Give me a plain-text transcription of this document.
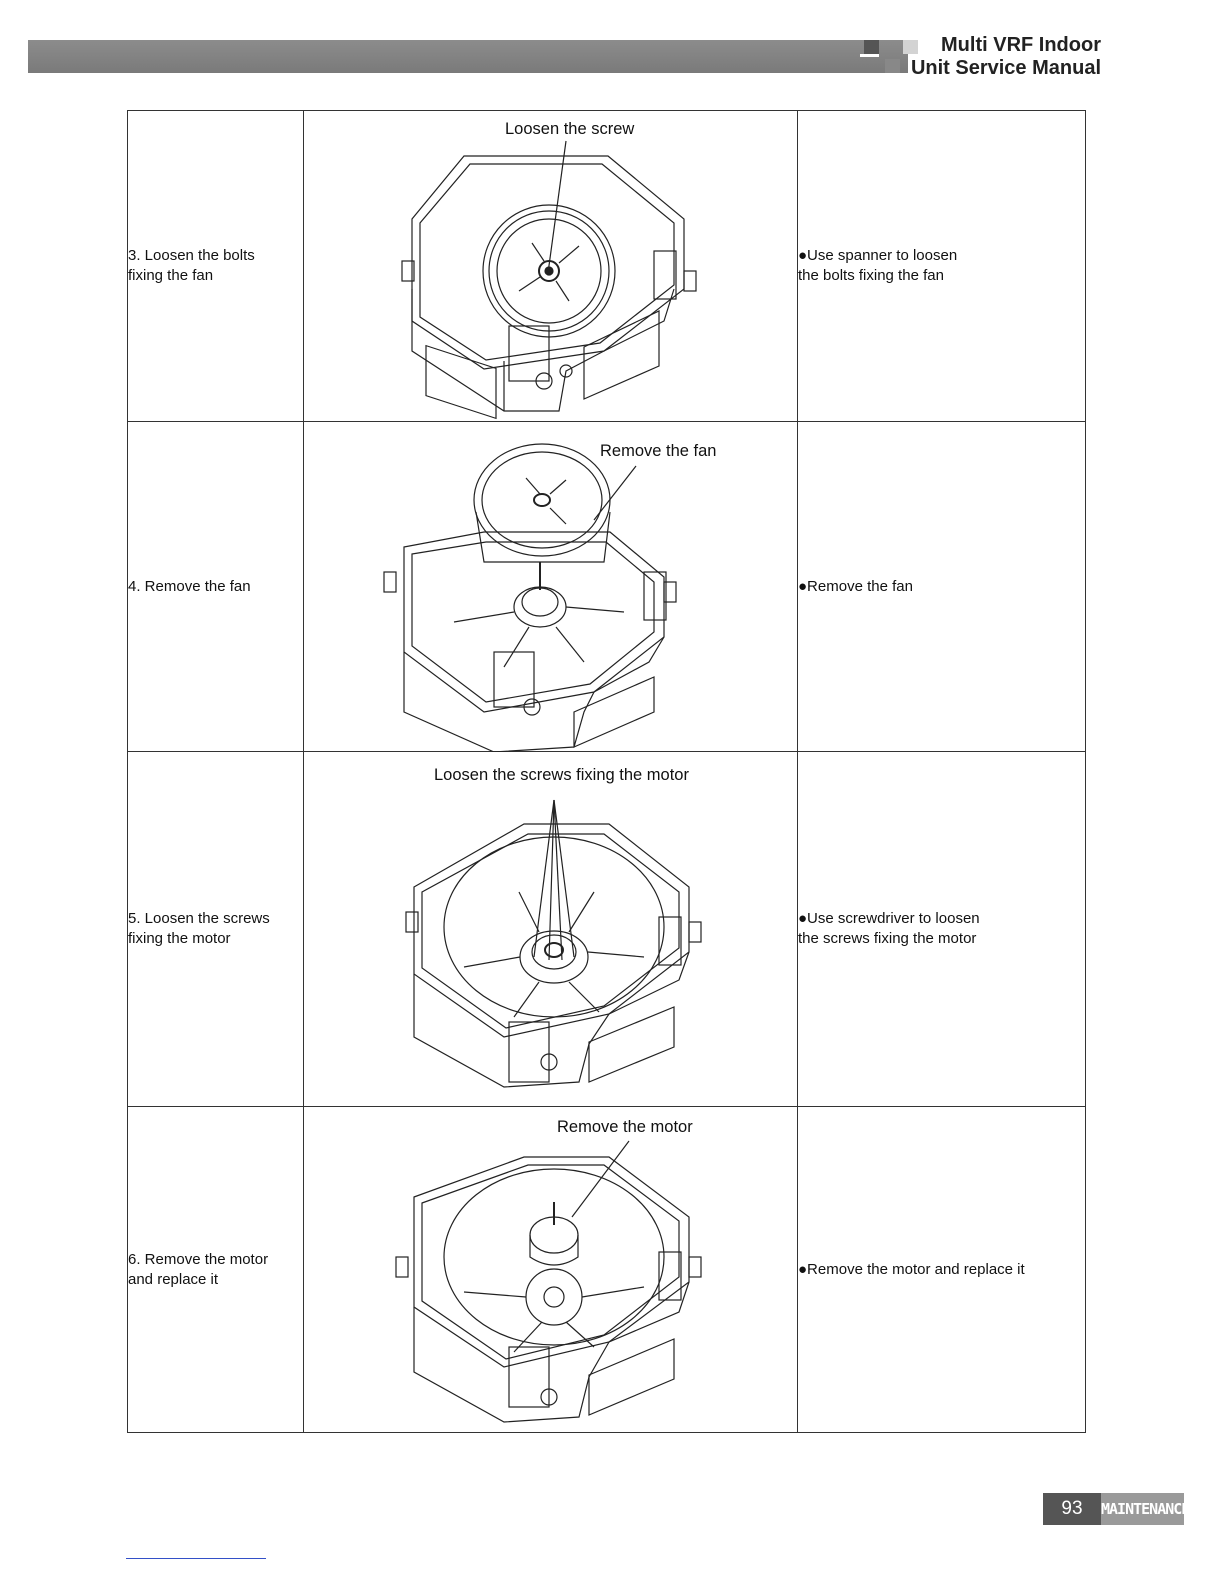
Multi VRF Indoor
Unit Service Manual
3. Loosen the bolts
fixing the fan	Loosen the screw	●Use spanner to loosen
the bolts fixing the fan

4. Remove the fan	Remove the fan	●Remove the fan

5. Loosen the screws
fixing the motor	Loosen the screws fixing the motor	●Use screwdriver to loosen
the screws fixing the motor

6. Remove the motor
and replace it	Remove the motor	●Remove the motor and replace it
93	MAINTENANCE
